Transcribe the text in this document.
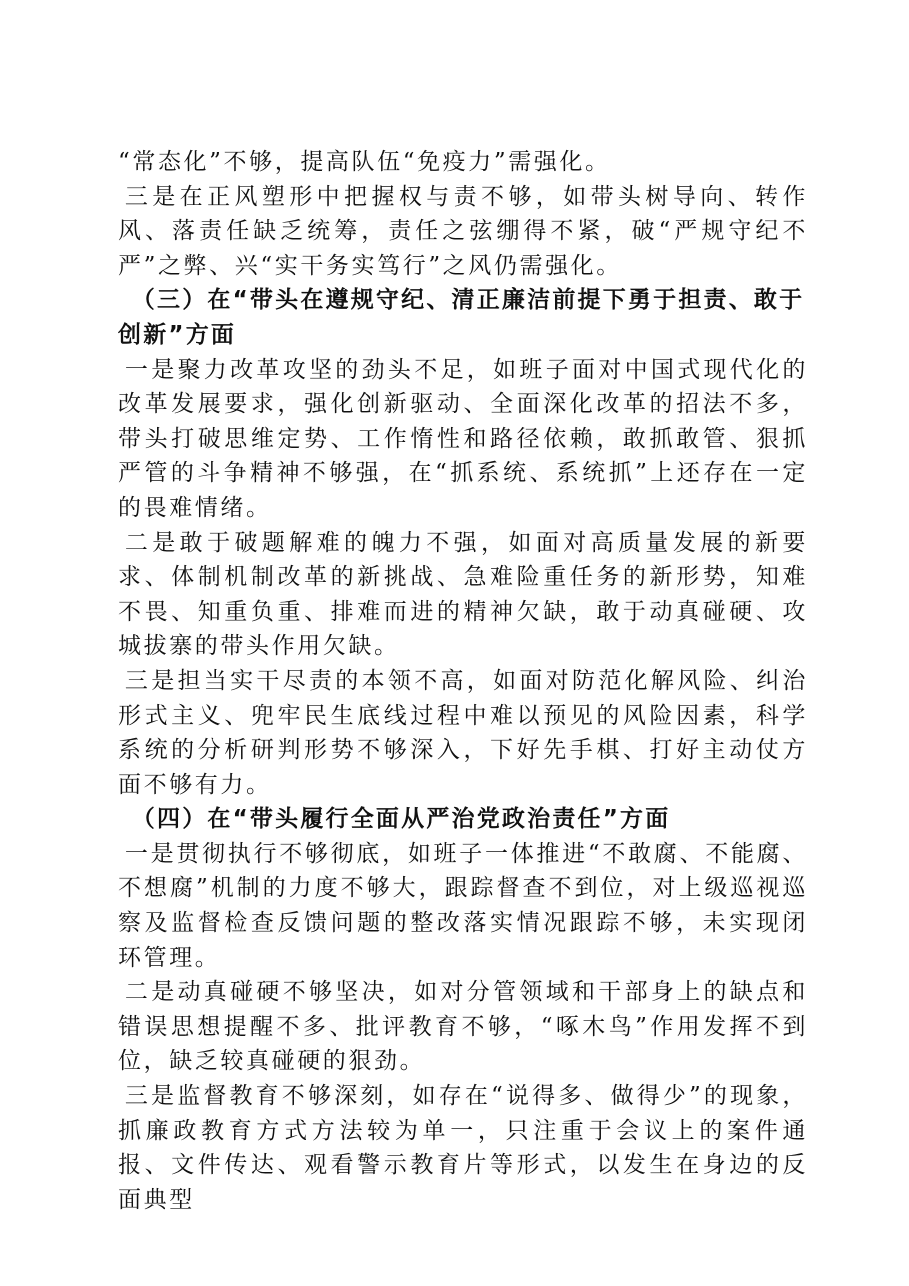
“常态化”不够，提高队伍“免疫力”需强化。

三是在正风塑形中把握权与责不够，如带头树导向、转作风、落责任缺乏统筹，责任之弦绷得不紧，破“严规守纪不严”之弊、兴“实干务实笃行”之风仍需强化。

（三）在“带头在遵规守纪、清正廉洁前提下勇于担责、敢于创新”方面

一是聚力改革攻坚的劲头不足，如班子面对中国式现代化的改革发展要求，强化创新驱动、全面深化改革的招法不多，带头打破思维定势、工作惰性和路径依赖，敢抓敢管、狠抓严管的斗争精神不够强，在“抓系统、系统抓”上还存在一定的畏难情绪。

二是敢于破题解难的魄力不强，如面对高质量发展的新要求、体制机制改革的新挑战、急难险重任务的新形势，知难不畏、知重负重、排难而进的精神欠缺，敢于动真碰硬、攻城拔寨的带头作用欠缺。

三是担当实干尽责的本领不高，如面对防范化解风险、纠治形式主义、兜牢民生底线过程中难以预见的风险因素，科学系统的分析研判形势不够深入，下好先手棋、打好主动仗方面不够有力。

（四）在“带头履行全面从严治党政治责任”方面

一是贯彻执行不够彻底，如班子一体推进“不敢腐、不能腐、不想腐”机制的力度不够大，跟踪督查不到位，对上级巡视巡察及监督检查反馈问题的整改落实情况跟踪不够，未实现闭环管理。

二是动真碰硬不够坚决，如对分管领域和干部身上的缺点和错误思想提醒不多、批评教育不够，“啄木鸟”作用发挥不到位，缺乏较真碰硬的狠劲。

三是监督教育不够深刻，如存在“说得多、做得少”的现象，抓廉政教育方式方法较为单一，只注重于会议上的案件通报、文件传达、观看警示教育片等形式，以发生在身边的反面典型
